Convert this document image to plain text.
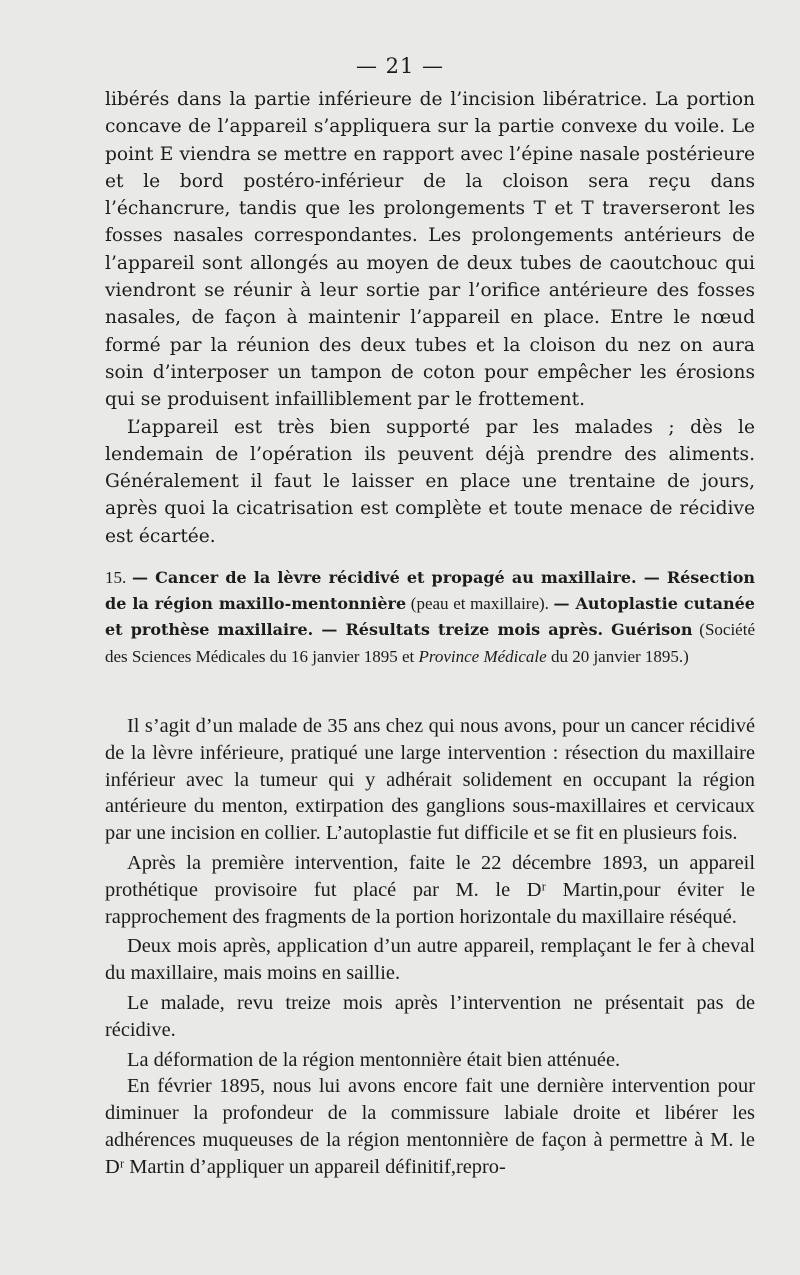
— 21 —

libérés dans la partie inférieure de l’incision libératrice. La portion concave de l’appareil s’appliquera sur la partie convexe du voile. Le point E viendra se mettre en rapport avec l’épine nasale postérieure et le bord postéro-inférieur de la cloison sera reçu dans l’échancrure, tandis que les prolongements T et T traverseront les fosses nasales correspondantes. Les prolongements antérieurs de l’appareil sont allongés au moyen de deux tubes de caoutchouc qui viendront se réunir à leur sortie par l’orifice antérieure des fosses nasales, de façon à maintenir l’appareil en place. Entre le nœud formé par la réunion des deux tubes et la cloison du nez on aura soin d’interposer un tampon de coton pour empêcher les érosions qui se produisent infailliblement par le frottement.

L’appareil est très bien supporté par les malades ; dès le lendemain de l’opération ils peuvent déjà prendre des aliments. Généralement il faut le laisser en place une trentaine de jours, après quoi la cicatrisation est complète et toute menace de récidive est écartée.

15. — Cancer de la lèvre récidivé et propagé au maxillaire. — Résection de la région maxillo-mentonnière (peau et maxillaire). — Autoplastie cutanée et prothèse maxillaire. — Résultats treize mois après. Guérison (Société des Sciences Médicales du 16 janvier 1895 et Province Médicale du 20 janvier 1895.)

Il s’agit d’un malade de 35 ans chez qui nous avons, pour un cancer récidivé de la lèvre inférieure, pratiqué une large intervention : résection du maxillaire inférieur avec la tumeur qui y adhérait solidement en occupant la région antérieure du menton, extirpation des ganglions sous-maxillaires et cervicaux par une incision en collier. L’autoplastie fut difficile et se fit en plusieurs fois.

Après la première intervention, faite le 22 décembre 1893, un appareil prothétique provisoire fut placé par M. le Dʳ Martin,pour éviter le rapprochement des fragments de la portion horizontale du maxillaire réséqué.

Deux mois après, application d’un autre appareil, remplaçant le fer à cheval du maxillaire, mais moins en saillie.

Le malade, revu treize mois après l’intervention ne présentait pas de récidive.

La déformation de la région mentonnière était bien atténuée.

En février 1895, nous lui avons encore fait une dernière intervention pour diminuer la profondeur de la commissure labiale droite et libérer les adhérences muqueuses de la région mentonnière de façon à permettre à M. le Dʳ Martin d’appliquer un appareil définitif,repro-
